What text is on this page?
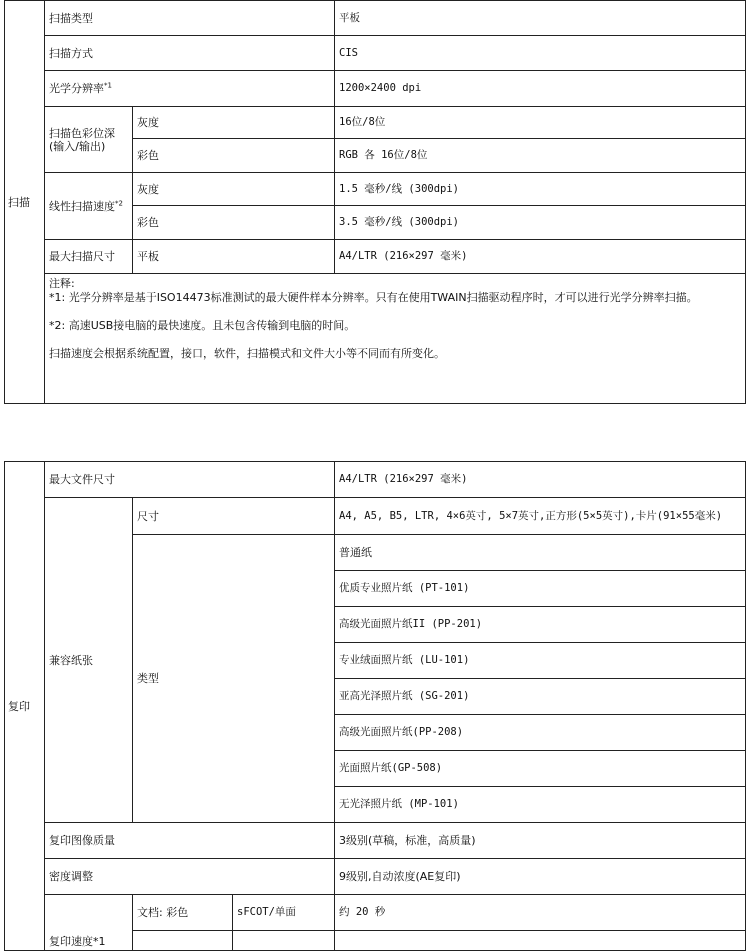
扫描	扫描类型		平板
	扫描方式		CIS
	光学分辨率$^{*1}$		1200×2400 dpi
	扫描色彩位深(输入/输出)	灰度	16位/8位
		彩色	RGB 各 16位/8位
	线性扫描速度$^{*2}$	灰度	1.5 毫秒/线 (300dpi)
		彩色	3.5 毫秒/线 (300dpi)
	最大扫描尺寸	平板	A4/LTR (216×297 毫米)

	注释:
*1: 光学分辨率是基于ISO14473标准测试的最大硬件样本分辨率。只有在使用TWAIN扫描驱动程序时，才可以进行光学分辨率扫描。
*2: 高速USB接电脑的最快速度。且未包含传输到电脑的时间。
扫描速度会根据系统配置，接口，软件，扫描模式和文件大小等不同而有所变化。		
复印	最大文件尺寸			A4/LTR (216×297 毫米)
	兼容纸张	尺寸		A4, A5, B5, LTR, 4×6英寸, 5×7英寸,正方形(5×5英寸),卡片(91×55毫米)
		类型		普通纸
				优质专业照片纸 (PT-101)
				高级光面照片纸II (PP-201)
				专业绒面照片纸 (LU-101)
				亚高光泽照片纸 (SG-201)
				高级光面照片纸(PP-208)
				光面照片纸(GP-508)
				无光泽照片纸 (MP-101)
	复印图像质量			3级别(草稿，标准，高质量)
	密度调整			9级别,自动浓度(AE复印)
	复印速度*1	文档: 彩色	sFCOT/单面	约 20 秒
